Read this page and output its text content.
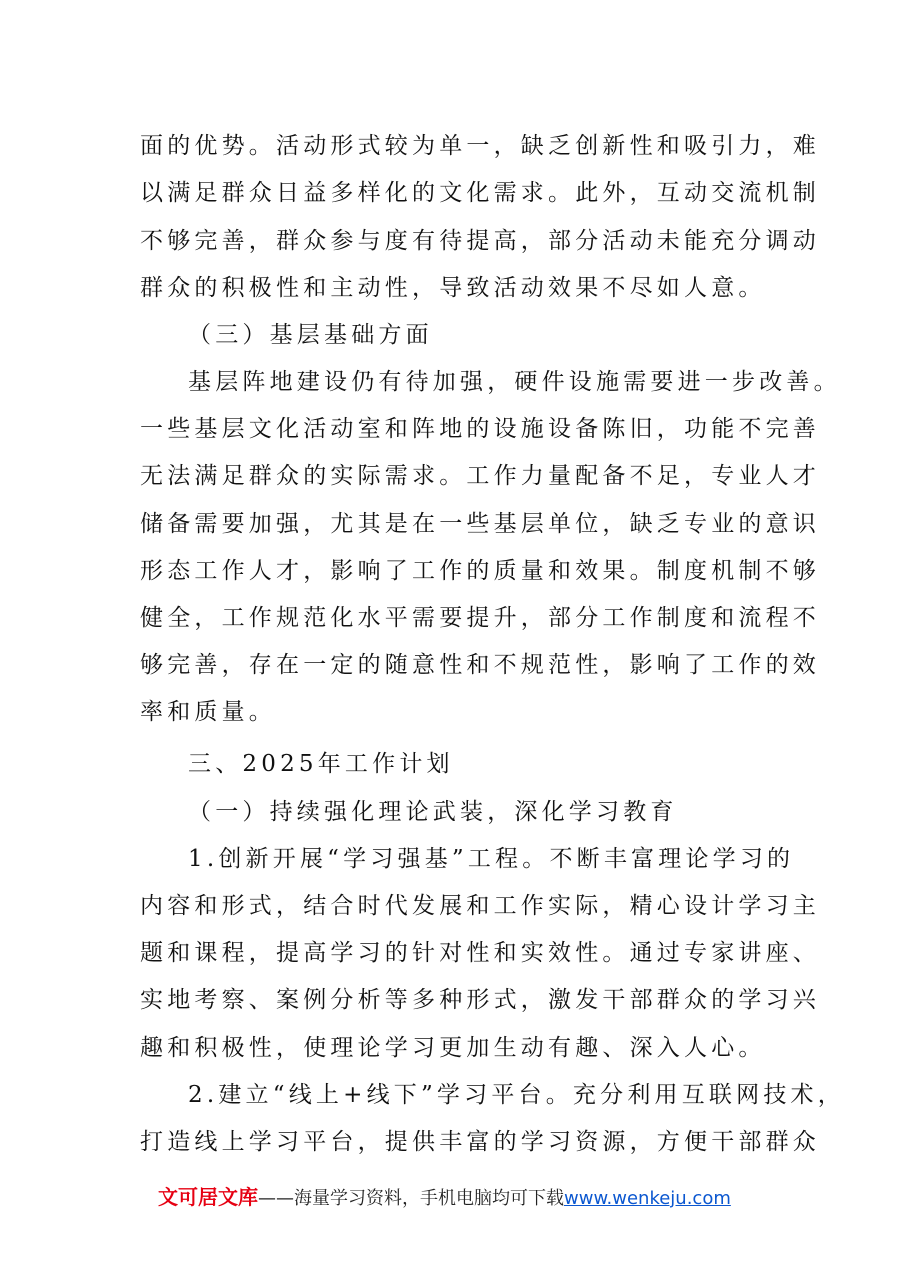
面的优势。活动形式较为单一，缺乏创新性和吸引力，难
以满足群众日益多样化的文化需求。此外，互动交流机制
不够完善，群众参与度有待提高，部分活动未能充分调动
群众的积极性和主动性，导致活动效果不尽如人意。
（三）基层基础方面
基层阵地建设仍有待加强，硬件设施需要进一步改善。
一些基层文化活动室和阵地的设施设备陈旧，功能不完善
无法满足群众的实际需求。工作力量配备不足，专业人才
储备需要加强，尤其是在一些基层单位，缺乏专业的意识
形态工作人才，影响了工作的质量和效果。制度机制不够
健全，工作规范化水平需要提升，部分工作制度和流程不
够完善，存在一定的随意性和不规范性，影响了工作的效
率和质量。
三、2025年工作计划
（一）持续强化理论武装，深化学习教育
1.创新开展“学习强基”工程。不断丰富理论学习的
内容和形式，结合时代发展和工作实际，精心设计学习主
题和课程，提高学习的针对性和实效性。通过专家讲座、
实地考察、案例分析等多种形式，激发干部群众的学习兴
趣和积极性，使理论学习更加生动有趣、深入人心。
2.建立“线上+线下”学习平台。充分利用互联网技术，
打造线上学习平台，提供丰富的学习资源，方便干部群众
文可居文库——海量学习资料，手机电脑均可下载www.wenkeju.com
